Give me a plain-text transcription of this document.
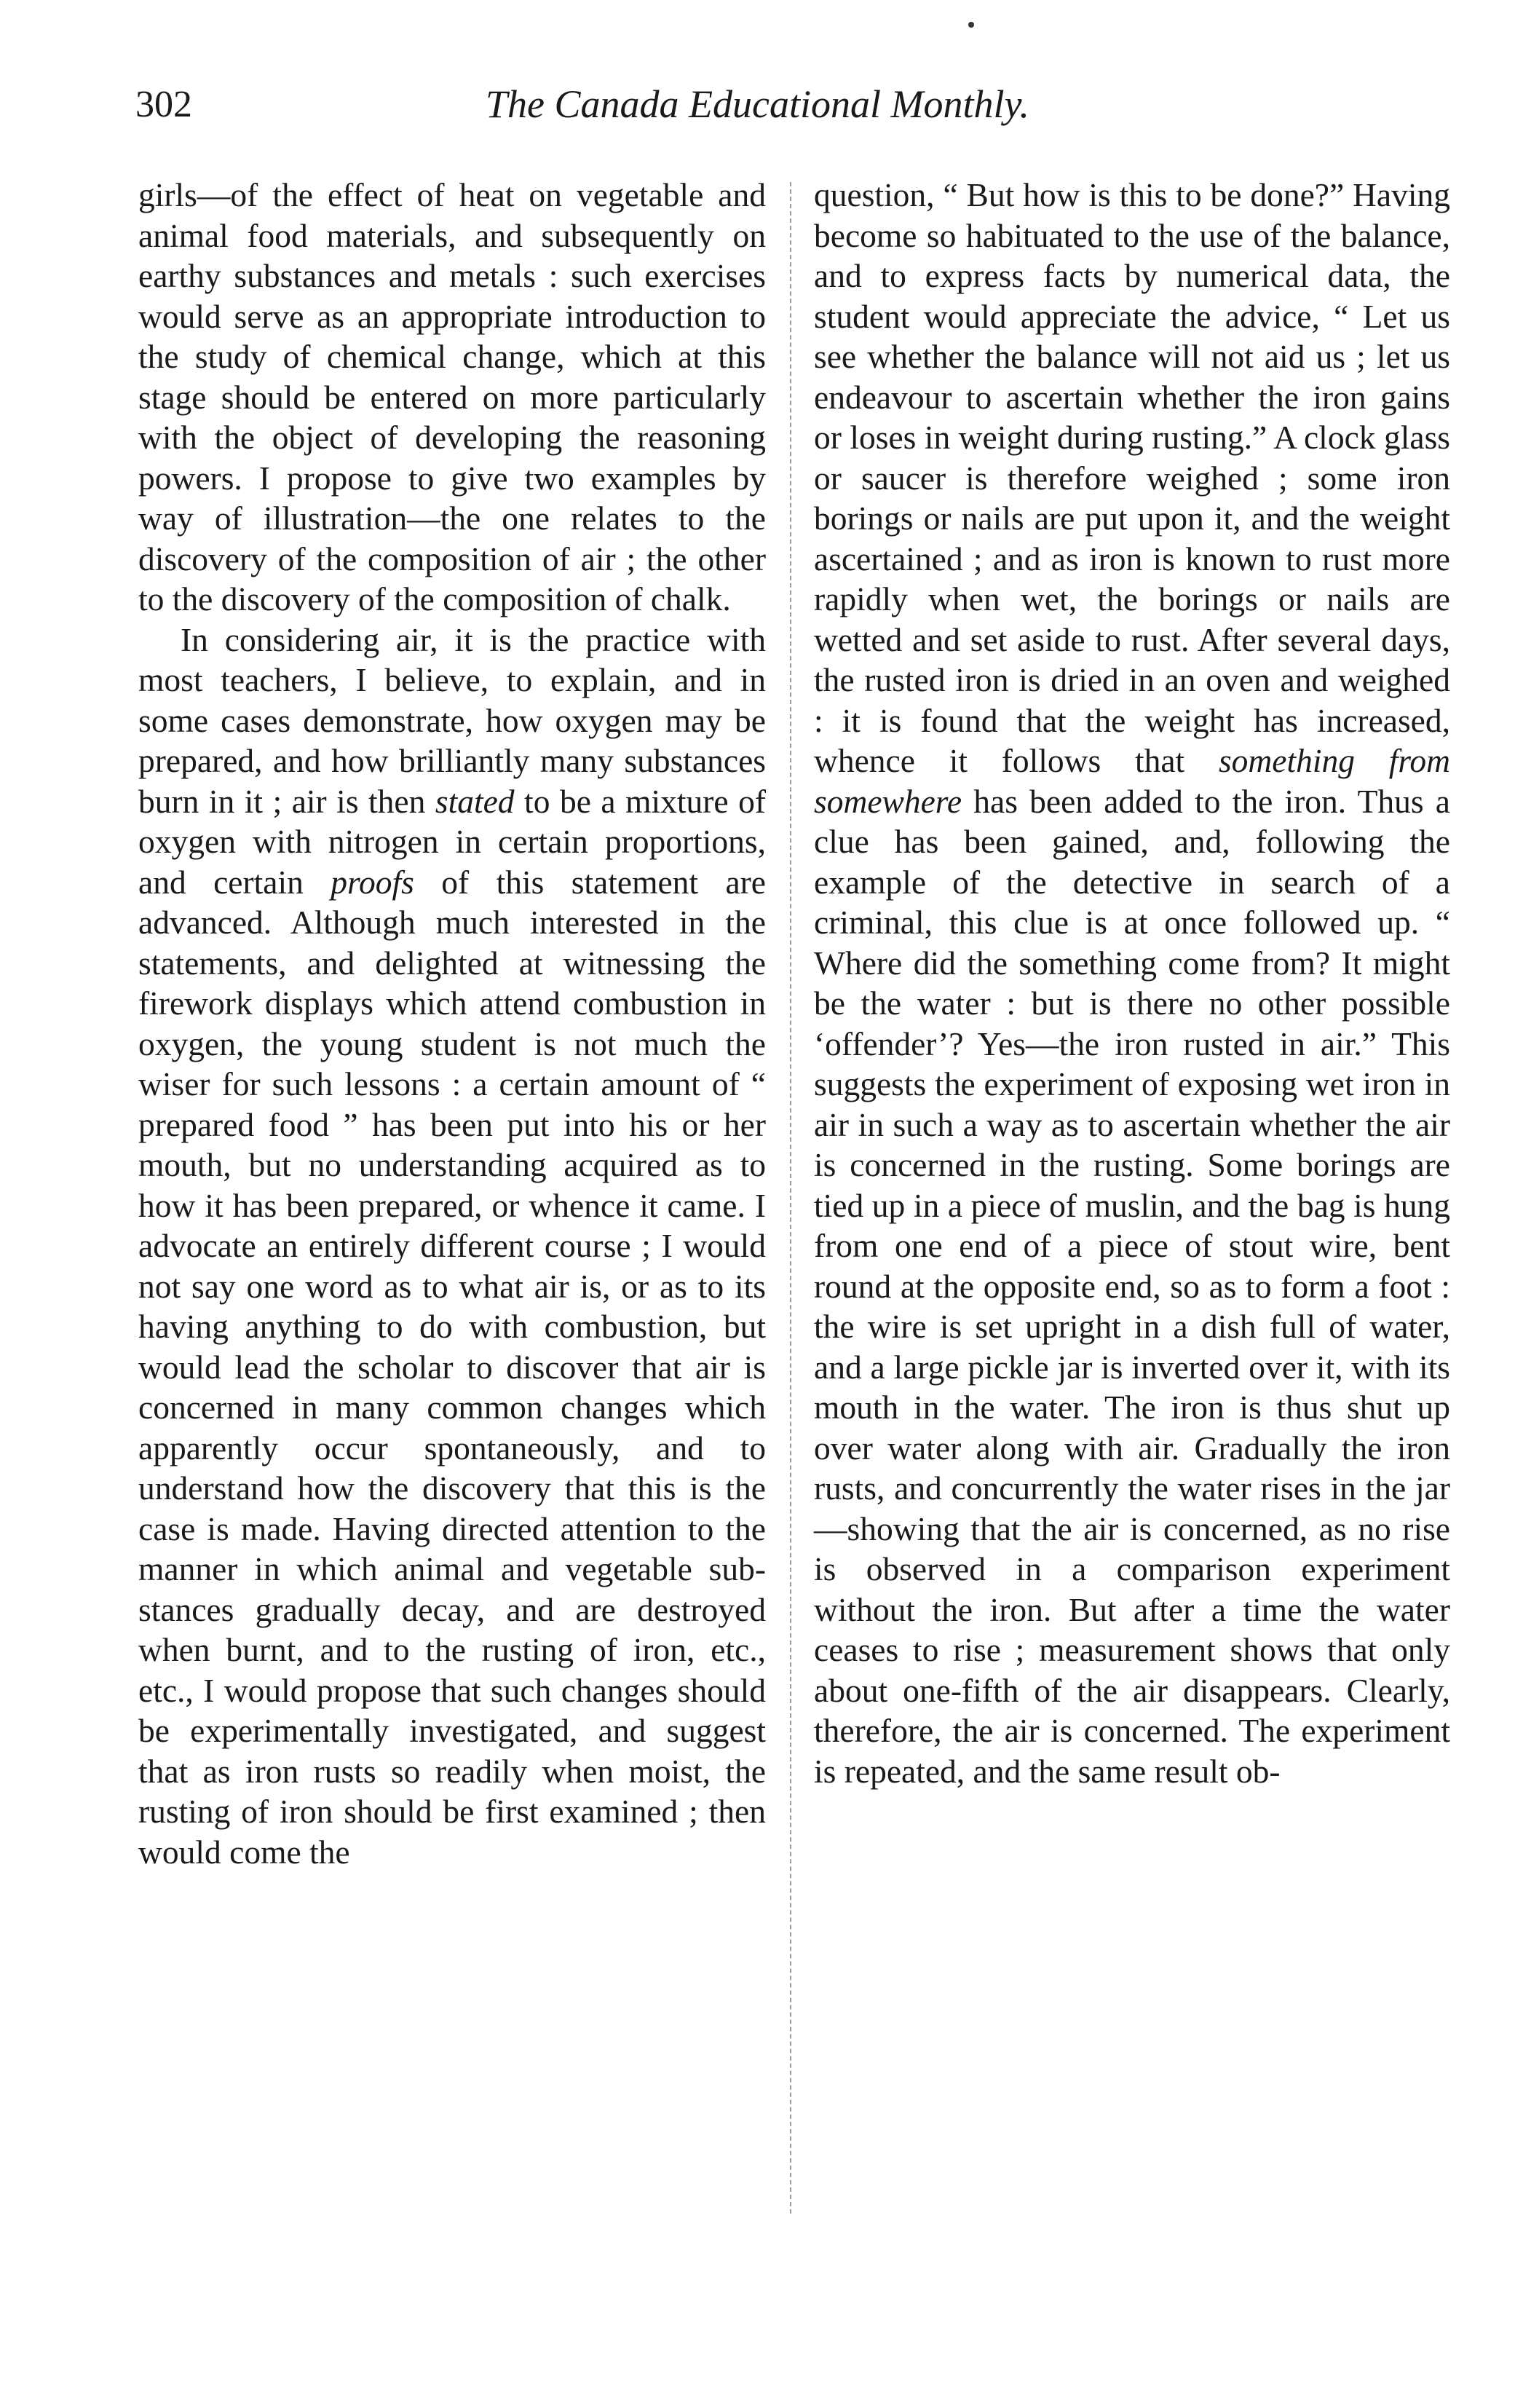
302	The Canada Educational Monthly.

girls—of the effect of heat on vegetable and animal food materials, and subsequently on earthy substances and metals : such exercises would serve as an appropriate introduction to the study of chemical change, which at this stage should be entered on more particularly with the object of developing the reasoning powers. I propose to give two examples by way of illustration—the one relates to the discovery of the composition of air ; the other to the discovery of the composition of chalk.

In considering air, it is the practice with most teachers, I believe, to explain, and in some cases demonstrate, how oxygen may be prepared, and how brilliantly many substances burn in it ; air is then stated to be a mixture of oxygen with nitrogen in certain proportions, and certain proofs of this statement are advanced. Although much interested in the statements, and delighted at witnessing the firework displays which attend combustion in oxygen, the young student is not much the wiser for such lessons : a certain amount of “ prepared food ” has been put into his or her mouth, but no understanding acquired as to how it has been prepared, or whence it came. I advocate an entirely different course ; I would not say one word as to what air is, or as to its having anything to do with combustion, but would lead the scholar to discover that air is concerned in many common changes which apparently occur spontaneously, and to understand how the discovery that this is the case is made. Having directed attention to the manner in which animal and vegetable substances gradually decay, and are destroyed when burnt, and to the rusting of iron, etc., etc., I would propose that such changes should be experimentally investigated, and suggest that as iron rusts so readily when moist, the rusting of iron should be first examined ; then would come the

question, “ But how is this to be done?” Having become so habituated to the use of the balance, and to express facts by numerical data, the student would appreciate the advice, “ Let us see whether the balance will not aid us ; let us endeavour to ascertain whether the iron gains or loses in weight during rusting.” A clock glass or saucer is therefore weighed ; some iron borings or nails are put upon it, and the weight ascertained ; and as iron is known to rust more rapidly when wet, the borings or nails are wetted and set aside to rust. After several days, the rusted iron is dried in an oven and weighed : it is found that the weight has increased, whence it follows that something from somewhere has been added to the iron. Thus a clue has been gained, and, following the example of the detective in search of a criminal, this clue is at once followed up. “ Where did the something come from? It might be the water : but is there no other possible ‘offender’? Yes—the iron rusted in air.” This suggests the experiment of exposing wet iron in air in such a way as to ascertain whether the air is concerned in the rusting. Some borings are tied up in a piece of muslin, and the bag is hung from one end of a piece of stout wire, bent round at the opposite end, so as to form a foot : the wire is set upright in a dish full of water, and a large pickle jar is inverted over it, with its mouth in the water. The iron is thus shut up over water along with air. Gradually the iron rusts, and concurrently the water rises in the jar—showing that the air is concerned, as no rise is observed in a comparison experiment without the iron. But after a time the water ceases to rise ; measurement shows that only about one-fifth of the air disappears. Clearly, therefore, the air is concerned. The experiment is repeated, and the same result ob-
